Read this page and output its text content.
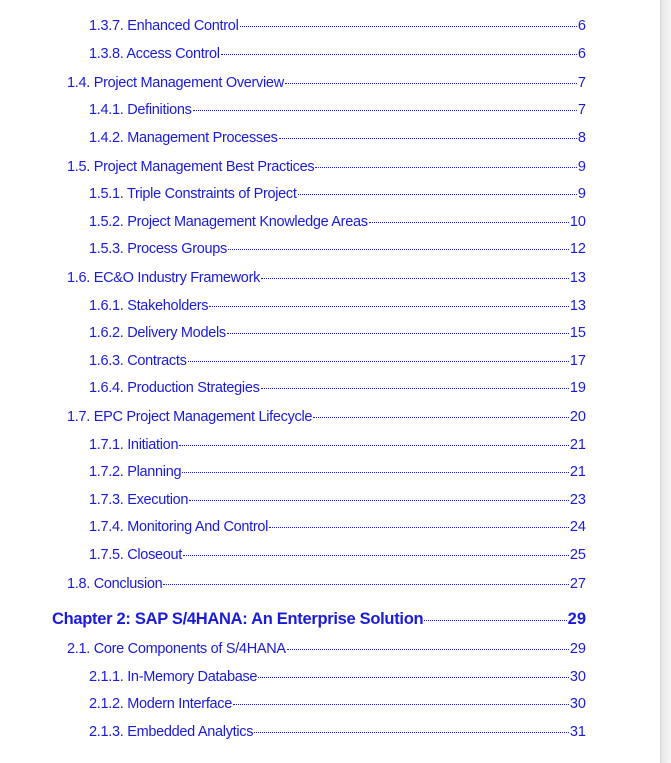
1.3.7. Enhanced Control	6
1.3.8. Access Control	6
1.4. Project Management Overview	7
1.4.1. Definitions	7
1.4.2. Management Processes	8
1.5. Project Management Best Practices	9
1.5.1. Triple Constraints of Project	9
1.5.2. Project Management Knowledge Areas	10
1.5.3. Process Groups	12
1.6. EC&O Industry Framework	13
1.6.1. Stakeholders	13
1.6.2. Delivery Models	15
1.6.3. Contracts	17
1.6.4. Production Strategies	19
1.7. EPC Project Management Lifecycle	20
1.7.1. Initiation	21
1.7.2. Planning	21
1.7.3. Execution	23
1.7.4. Monitoring And Control	24
1.7.5. Closeout	25
1.8. Conclusion	27
Chapter 2: SAP S/4HANA: An Enterprise Solution	29
2.1. Core Components of S/4HANA	29
2.1.1. In-Memory Database	30
2.1.2. Modern Interface	30
2.1.3. Embedded Analytics	31
